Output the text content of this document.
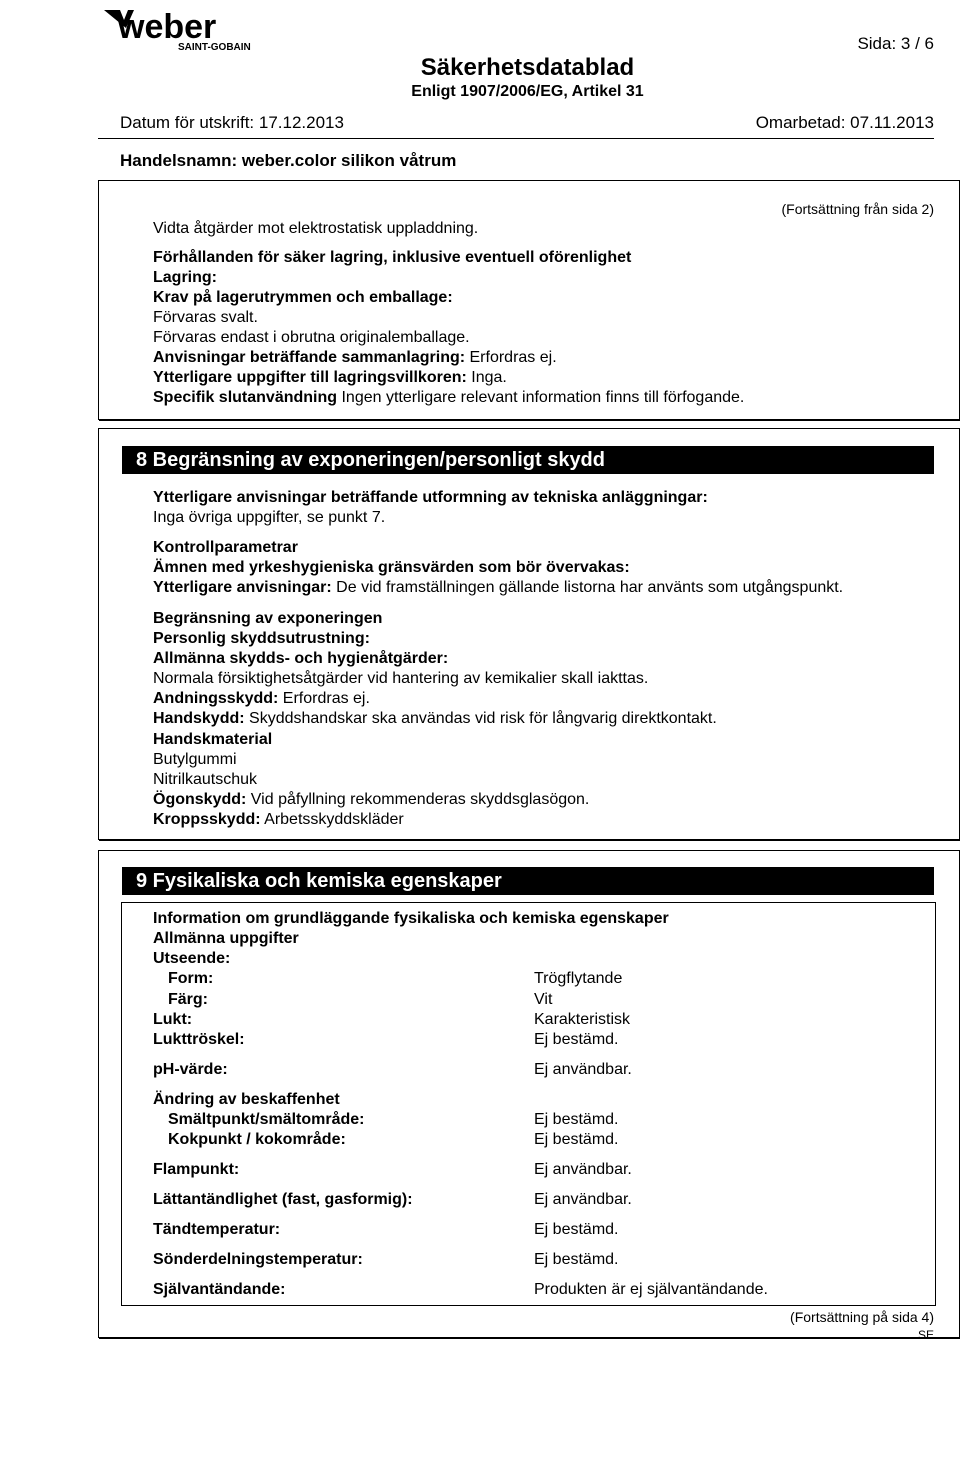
weber
SAINT-GOBAIN	Sida: 3 / 6
Säkerhetsdatablad
Enligt 1907/2006/EG, Artikel 31
Datum för utskrift: 17.12.2013	Omarbetad: 07.11.2013
Handelsnamn: weber.color silikon våtrum
(Fortsättning från sida 2)
Vidta åtgärder mot elektrostatisk uppladdning.
Förhållanden för säker lagring, inklusive eventuell oförenlighet
Lagring:
Krav på lagerutrymmen och emballage:
Förvaras svalt.
Förvaras endast i obrutna originalemballage.
Anvisningar beträffande sammanlagring: Erfordras ej.
Ytterligare uppgifter till lagringsvillkoren: Inga.
Specifik slutanvändning Ingen ytterligare relevant information finns till förfogande.
8 Begränsning av exponeringen/personligt skydd
Ytterligare anvisningar beträffande utformning av tekniska anläggningar:
Inga övriga uppgifter, se punkt 7.
Kontrollparametrar
Ämnen med yrkeshygieniska gränsvärden som bör övervakas:
Ytterligare anvisningar: De vid framställningen gällande listorna har använts som utgångspunkt.
Begränsning av exponeringen
Personlig skyddsutrustning:
Allmänna skydds- och hygienåtgärder:
Normala försiktighetsåtgärder vid hantering av kemikalier skall iakttas.
Andningsskydd: Erfordras ej.
Handskydd: Skyddshandskar ska användas vid risk för långvarig direktkontakt.
Handskmaterial
Butylgummi
Nitrilkautschuk
Ögonskydd: Vid påfyllning rekommenderas skyddsglasögon.
Kroppsskydd: Arbetsskyddskläder
9 Fysikaliska och kemiska egenskaper
Information om grundläggande fysikaliska och kemiska egenskaper
Allmänna uppgifter
Utseende:
Form:	Trögflytande
Färg:	Vit
Lukt:	Karakteristisk
Lukttröskel:	Ej bestämd.
pH-värde:	Ej användbar.
Ändring av beskaffenhet
Smältpunkt/smältområde:	Ej bestämd.
Kokpunkt / kokområde:	Ej bestämd.
Flampunkt:	Ej användbar.
Lättantändlighet (fast, gasformig):	Ej användbar.
Tändtemperatur:	Ej bestämd.
Sönderdelningstemperatur:	Ej bestämd.
Självantändande:	Produkten är ej självantändande.
(Fortsättning på sida 4)
SE
